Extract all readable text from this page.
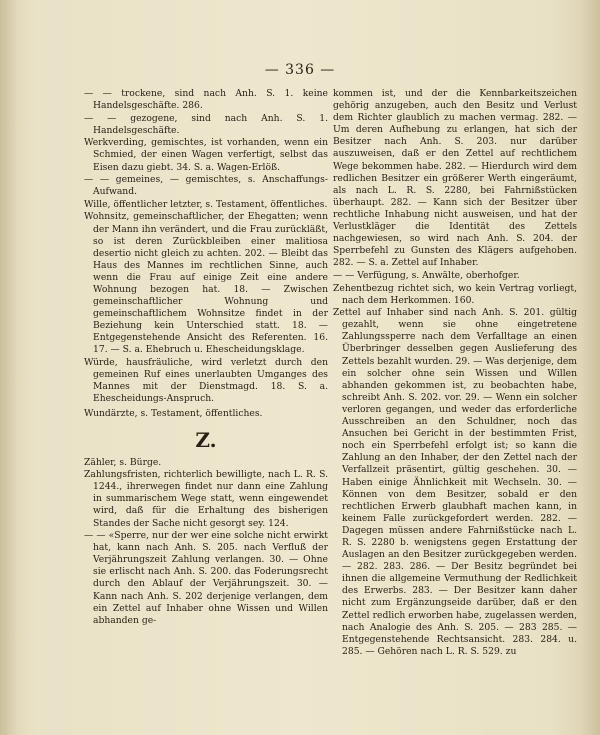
— 336 —

— — trockene, sind nach Anh. S. 1. keine Handelsgeschäfte. 286.

— — gezogene, sind nach Anh. S. 1. Handelsgeschäfte.

Werkverding, gemischtes, ist vorhanden, wenn ein Schmied, der einen Wagen verfertigt, selbst das Eisen dazu giebt. 34. S. a. Wagen-Erlöß.

— — gemeines, — gemischtes, s. Anschaffungs-Aufwand.

Wille, öffentlicher letzter, s. Testament, öffentliches.

Wohnsitz, gemeinschaftlicher, der Ehegatten; wenn der Mann ihn verändert, und die Frau zurückläßt, so ist deren Zurückbleiben einer malitiosa desertio nicht gleich zu achten. 202. — Bleibt das Haus des Mannes im rechtlichen Sinne, auch wenn die Frau auf einige Zeit eine andere Wohnung bezogen hat. 18. — Zwischen gemeinschaftlicher Wohnung und gemeinschaftlichem Wohnsitze findet in der Beziehung kein Unterschied statt. 18. — Entgegenstehende Ansicht des Referenten. 16. 17. — S. a. Ehebruch u. Ehescheidungsklage.

Würde, hausfräuliche, wird verletzt durch den gemeinen Ruf eines unerlaubten Umganges des Mannes mit der Dienstmagd. 18. S. a. Ehescheidungs-Anspruch.

Wundärzte, s. Testament, öffentliches.

Z.

Zähler, s. Bürge.

Zahlungsfristen, richterlich bewilligte, nach L. R. S. 1244., ihrerwegen findet nur dann eine Zahlung in summarischem Wege statt, wenn eingewendet wird, daß für die Erhaltung des bisherigen Standes der Sache nicht gesorgt sey. 124.

— — «Sperre, nur der wer eine solche nicht erwirkt hat, kann nach Anh. S. 205. nach Verfluß der Verjährungszeit Zahlung verlangen. 30. — Ohne sie erlischt nach Anh. S. 200. das Foderungsrecht durch den Ablauf der Verjährungszeit. 30. — Kann nach Anh. S. 202 derjenige verlangen, dem ein Zettel auf Inhaber ohne Wissen und Willen abhanden ge-

kommen ist, und der die Kennbarkeitszeichen gehörig anzugeben, auch den Besitz und Verlust dem Richter glaublich zu machen vermag. 282. — Um deren Aufhebung zu erlangen, hat sich der Besitzer nach Anh. S. 203. nur darüber auszuweisen, daß er den Zettel auf rechtlichem Wege bekommen habe. 282. — Hierdurch wird dem redlichen Besitzer ein größerer Werth eingeräumt, als nach L. R. S. 2280, bei Fahrnißstücken überhaupt. 282. — Kann sich der Besitzer über rechtliche Inhabung nicht ausweisen, und hat der Verlustkläger die Identität des Zettels nachgewiesen, so wird nach Anh. S. 204. der Sperrbefehl zu Gunsten des Klägers aufgehoben. 282. — S. a. Zettel auf Inhaber.

— — Verfügung, s. Anwälte, oberhofger.

Zehentbezug richtet sich, wo kein Vertrag vorliegt, nach dem Herkommen. 160.

Zettel auf Inhaber sind nach Anh. S. 201. gültig gezahlt, wenn sie ohne eingetretene Zahlungssperre nach dem Verfalltage an einen Überbringer desselben gegen Auslieferung des Zettels bezahlt wurden. 29. — Was derjenige, dem ein solcher ohne sein Wissen und Willen abhanden gekommen ist, zu beobachten habe, schreibt Anh. S. 202. vor. 29. — Wenn ein solcher verloren gegangen, und weder das erforderliche Ausschreiben an den Schuldner, noch das Ansuchen bei Gericht in der bestimmten Frist, noch ein Sperrbefehl erfolgt ist; so kann die Zahlung an den Inhaber, der den Zettel nach der Verfallzeit präsentirt, gültig geschehen. 30. — Haben einige Ähnlichkeit mit Wechseln. 30. — Können von dem Besitzer, sobald er den rechtlichen Erwerb glaubhaft machen kann, in keinem Falle zurückgefordert werden. 282. — Dagegen müssen andere Fahrnißstücke nach L. R. S. 2280 b. wenigstens gegen Erstattung der Auslagen an den Besitzer zurückgegeben werden. — 282. 283. 286. — Der Besitz begründet bei ihnen die allgemeine Vermuthung der Redlichkeit des Erwerbs. 283. — Der Besitzer kann daher nicht zum Ergänzungseide darüber, daß er den Zettel redlich erworben habe, zugelassen werden, nach Analogie des Anh. S. 205. — 283 285. — Entgegenstehende Rechtsansicht. 283. 284. u. 285. — Gehören nach L. R. S. 529. zu
